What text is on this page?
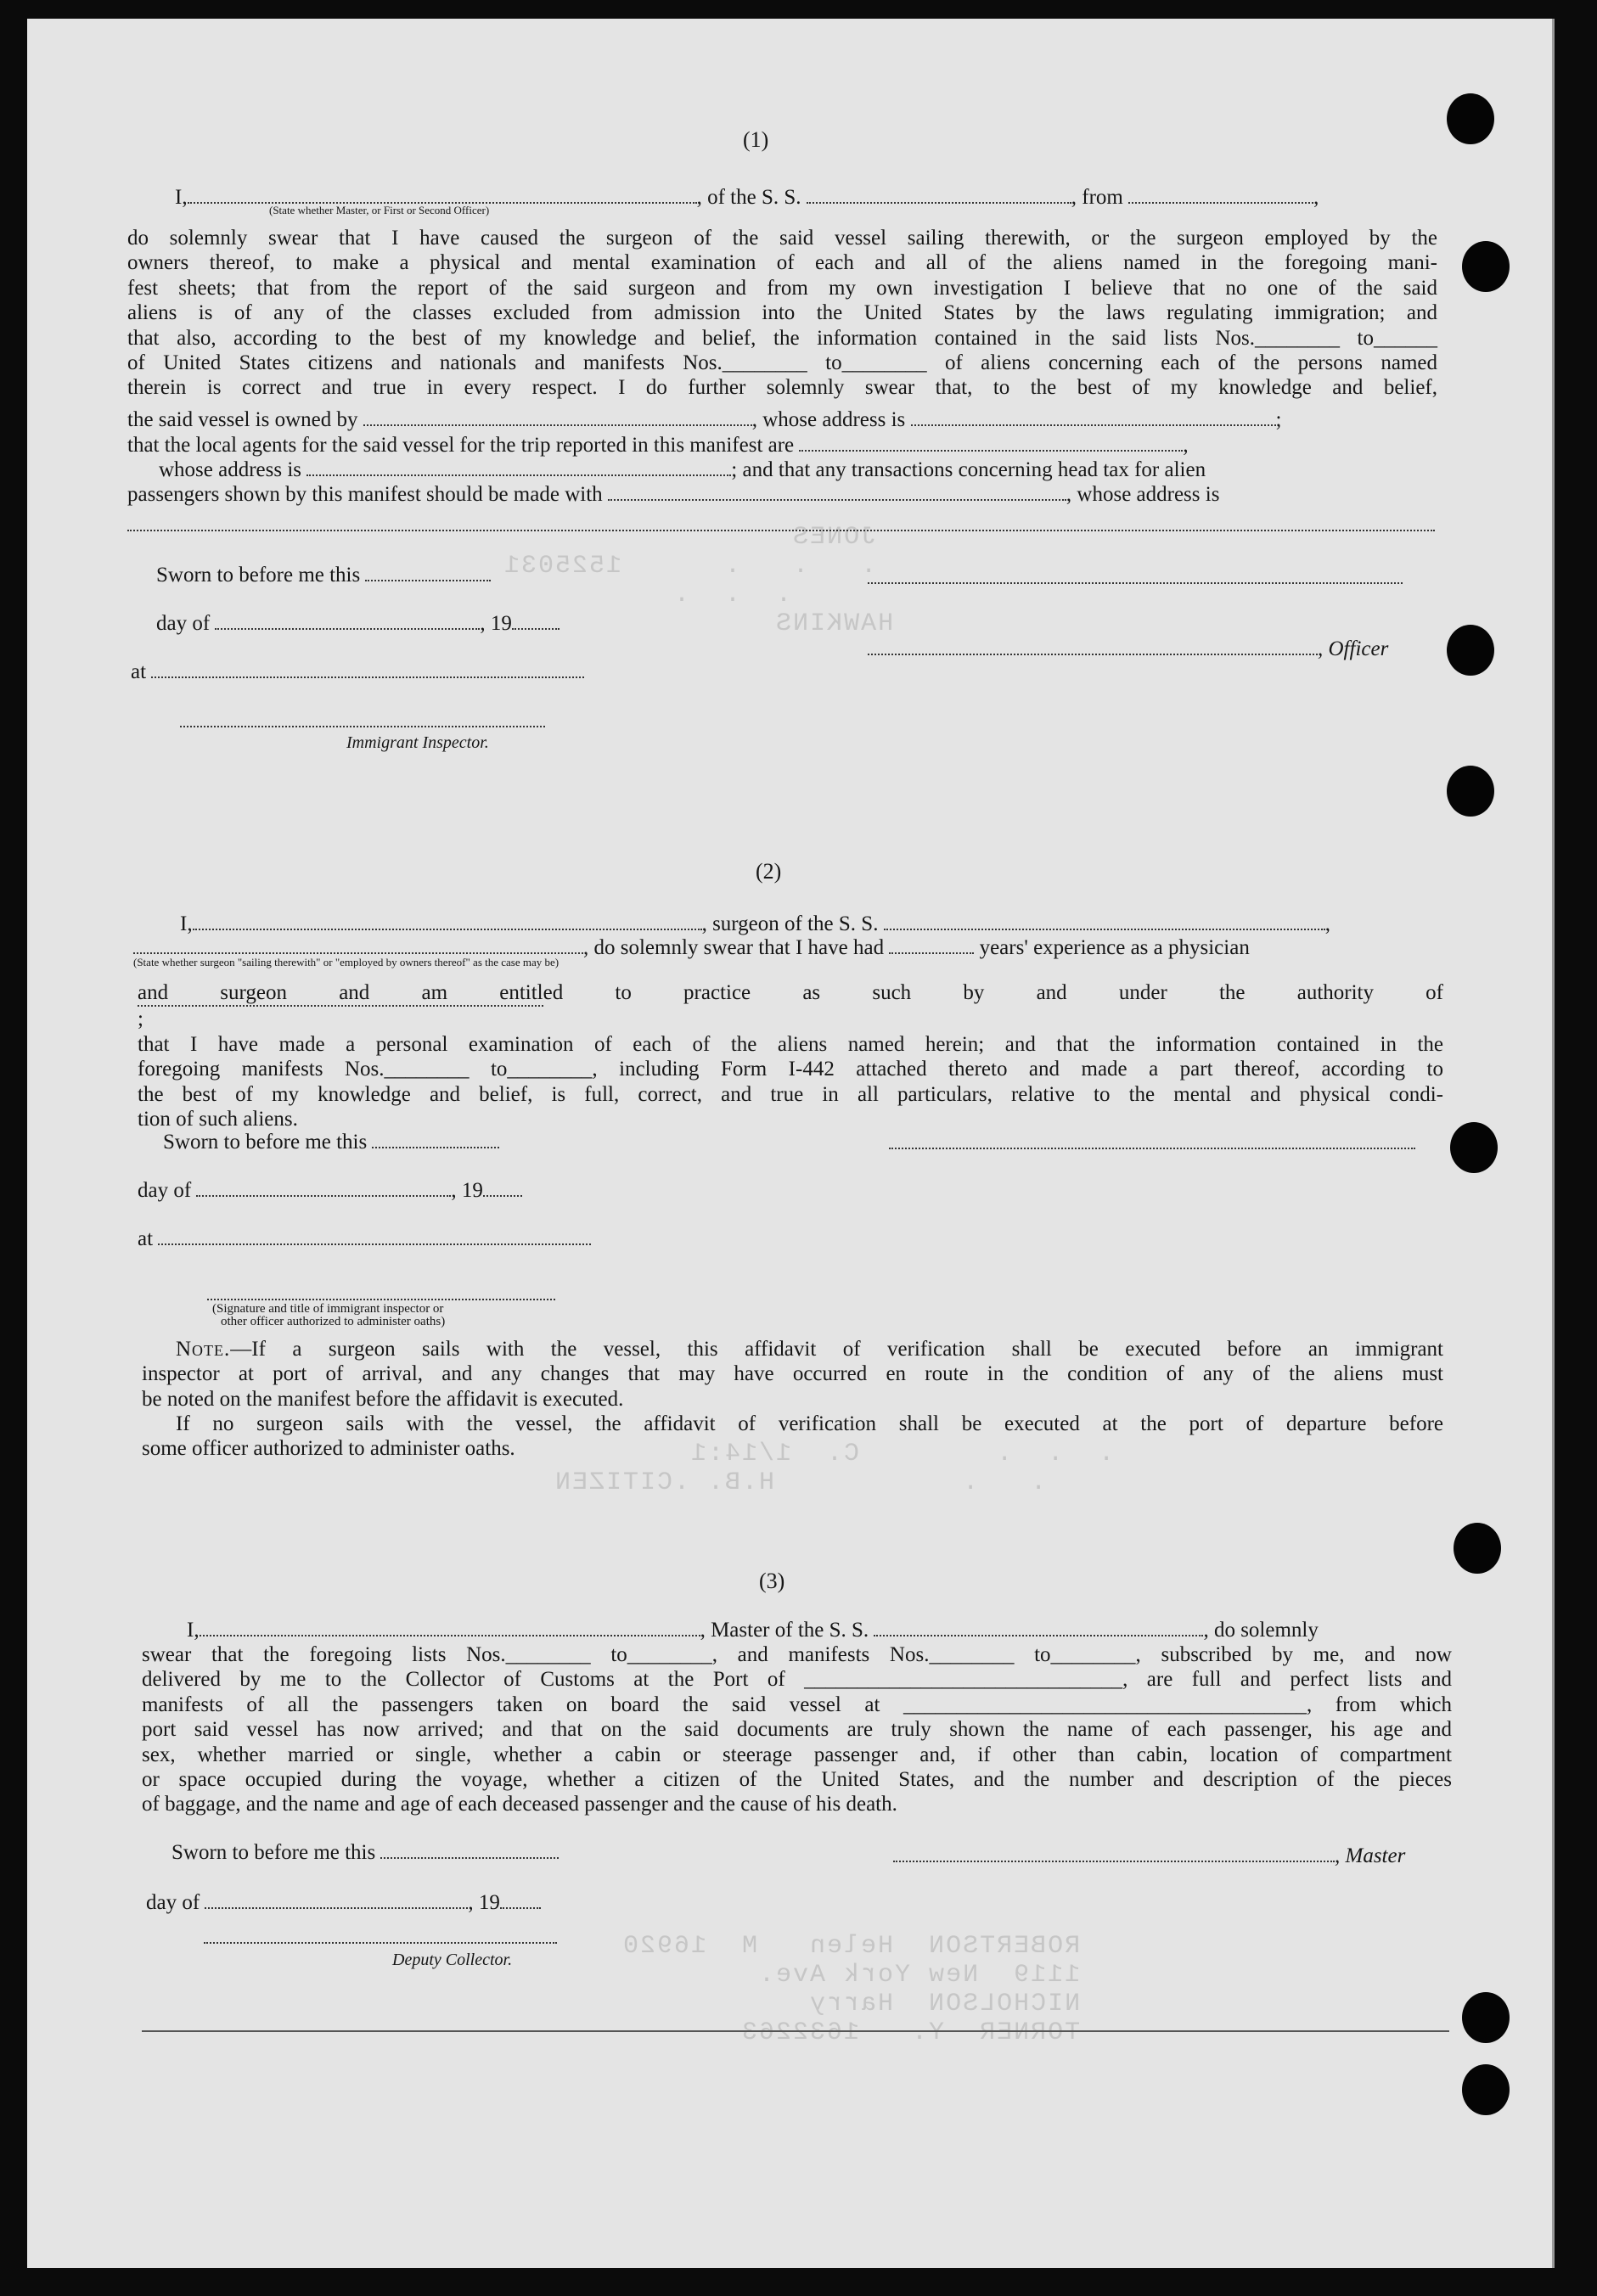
JONES
.   .   .      1525031
.  .  .
HAWKINS

.  .  .        C.  1/14:1
.   .           H.B. .CITIZEN

ROBERTSON  Helen   M  16920
1119  New York Ave.
NICHOLSON  Harry
TORNER  Y.   1632263

(1)
I,	, of the S. S.	, from	,
(State whether Master, or First or Second Officer)
do solemnly swear that I have caused the surgeon of the said vessel sailing therewith, or the surgeon employed by the
owners thereof, to make a physical and mental examination of each and all of the aliens named in the foregoing mani-
fest sheets; that from the report of the said surgeon and from my own investigation I believe that no one of the said
aliens is of any of the classes excluded from admission into the United States by the laws regulating immigration; and
that also, according to the best of my knowledge and belief, the information contained in the said lists Nos.________ to______
of United States citizens and nationals and manifests Nos.________ to________ of aliens concerning each of the persons named
therein is correct and true in every respect. I do further solemnly swear that, to the best of my knowledge and belief,
the said vessel is owned by	, whose address is	;
that the local agents for the said vessel for the trip reported in this manifest are	,
whose address is	; and that any transactions concerning head tax for alien
passengers shown by this manifest should be made with	, whose address is
Sworn to before me this
day of	, 19
at
Immigrant Inspector.
, Officer
(2)
I,	, surgeon of the S. S.	,
, do solemnly swear that I have had	years' experience as a physician
(State whether surgeon "sailing therewith" or "employed by owners thereof" as the case may be)
and surgeon and am entitled to practice as such by and under the authority of
;
that I have made a personal examination of each of the aliens named herein; and that the information contained in the
foregoing manifests Nos.________ to________, including Form I-442 attached thereto and made a part thereof, according to
the best of my knowledge and belief, is full, correct, and true in all particulars, relative to the mental and physical condi-
tion of such aliens.
Sworn to before me this
day of	, 19
at
(Signature and title of immigrant inspector or
other officer authorized to administer oaths)
Note.—If a surgeon sails with the vessel, this affidavit of verification shall be executed before an immigrant
inspector at port of arrival, and any changes that may have occurred en route in the condition of any of the aliens must
be noted on the manifest before the affidavit is executed.
If no surgeon sails with the vessel, the affidavit of verification shall be executed at the port of departure before
some officer authorized to administer oaths.
(3)
I,	, Master of the S. S.	, do solemnly
swear that the foregoing lists Nos.________ to________, and manifests Nos.________ to________, subscribed by me, and now
delivered by me to the Collector of Customs at the Port of ______________________________, are full and perfect lists and
manifests of all the passengers taken on board the said vessel at ______________________________________, from which
port said vessel has now arrived; and that on the said documents are truly shown the name of each passenger, his age and
sex, whether married or single, whether a cabin or steerage passenger and, if other than cabin, location of compartment
or space occupied during the voyage, whether a citizen of the United States, and the number and description of the pieces
of baggage, and the name and age of each deceased passenger and the cause of his death.
Sworn to before me this	, Master
day of	, 19
Deputy Collector.
